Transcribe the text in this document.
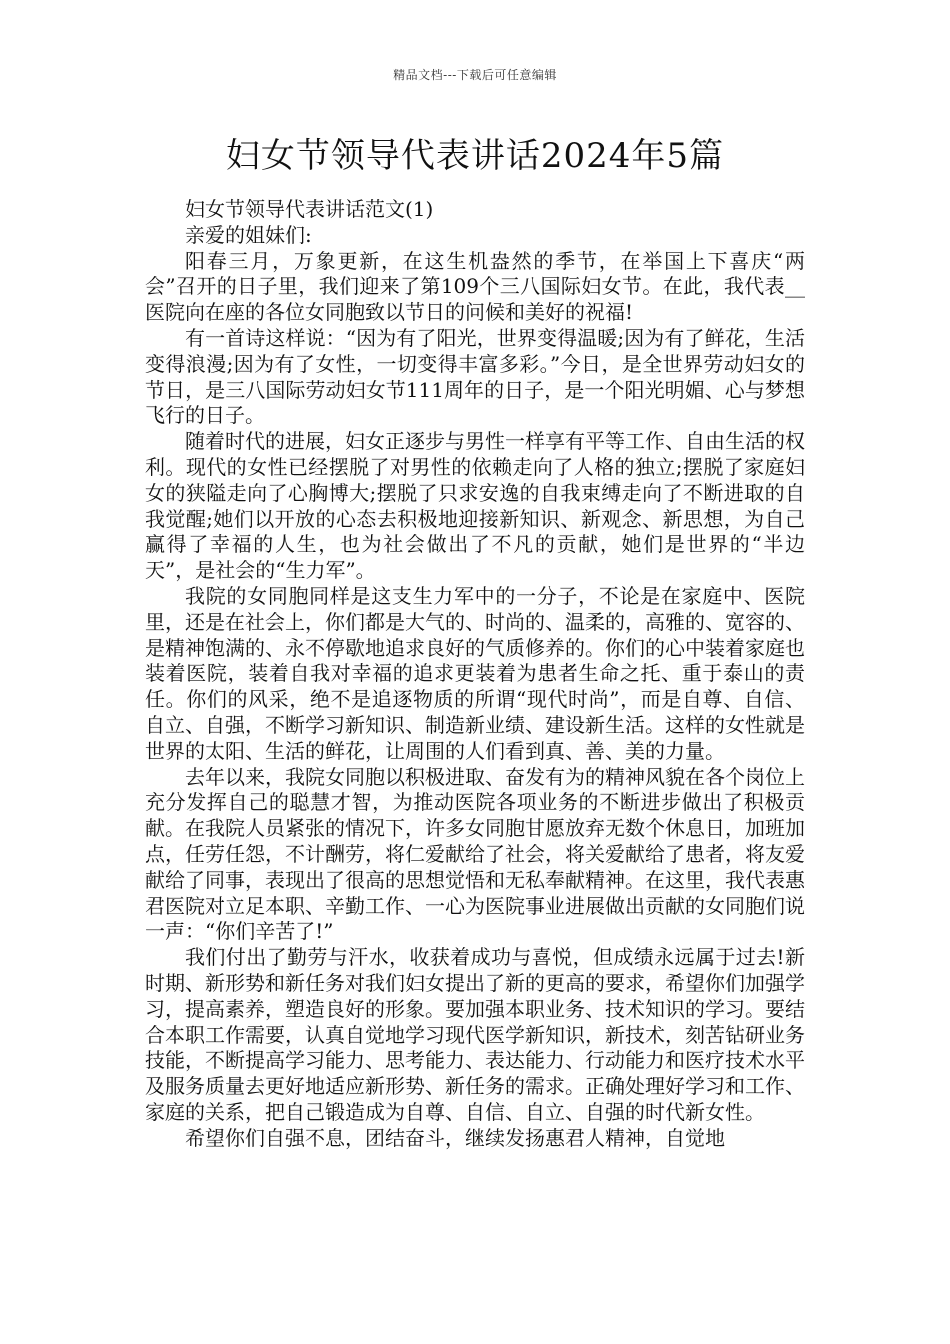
精品文档---下载后可任意编辑
妇女节领导代表讲话2024年5篇

妇女节领导代表讲话范文(1)

亲爱的姐妹们:

阳春三月，万象更新，在这生机盎然的季节，在举国上下喜庆“两会”召开的日子里，我们迎来了第109个三八国际妇女节。在此，我代表__医院向在座的各位女同胞致以节日的问候和美好的祝福!

有一首诗这样说：“因为有了阳光，世界变得温暖;因为有了鲜花，生活变得浪漫;因为有了女性，一切变得丰富多彩。”今日，是全世界劳动妇女的节日，是三八国际劳动妇女节111周年的日子，是一个阳光明媚、心与梦想飞行的日子。

随着时代的进展，妇女正逐步与男性一样享有平等工作、自由生活的权利。现代的女性已经摆脱了对男性的依赖走向了人格的独立;摆脱了家庭妇女的狭隘走向了心胸博大;摆脱了只求安逸的自我束缚走向了不断进取的自我觉醒;她们以开放的心态去积极地迎接新知识、新观念、新思想，为自己赢得了幸福的人生，也为社会做出了不凡的贡献，她们是世界的“半边天”，是社会的“生力军”。

我院的女同胞同样是这支生力军中的一分子，不论是在家庭中、医院里，还是在社会上，你们都是大气的、时尚的、温柔的，高雅的、宽容的、是精神饱满的、永不停歇地追求良好的气质修养的。你们的心中装着家庭也装着医院，装着自我对幸福的追求更装着为患者生命之托、重于泰山的责任。你们的风采，绝不是追逐物质的所谓“现代时尚”，而是自尊、自信、自立、自强，不断学习新知识、制造新业绩、建设新生活。这样的女性就是世界的太阳、生活的鲜花，让周围的人们看到真、善、美的力量。

去年以来，我院女同胞以积极进取、奋发有为的精神风貌在各个岗位上充分发挥自己的聪慧才智，为推动医院各项业务的不断进步做出了积极贡献。在我院人员紧张的情况下，许多女同胞甘愿放弃无数个休息日，加班加点，任劳任怨，不计酬劳，将仁爱献给了社会，将关爱献给了患者，将友爱献给了同事，表现出了很高的思想觉悟和无私奉献精神。在这里，我代表惠君医院对立足本职、辛勤工作、一心为医院事业进展做出贡献的女同胞们说一声：“你们辛苦了!”

我们付出了勤劳与汗水，收获着成功与喜悦，但成绩永远属于过去!新时期、新形势和新任务对我们妇女提出了新的更高的要求，希望你们加强学习，提高素养，塑造良好的形象。要加强本职业务、技术知识的学习。要结合本职工作需要，认真自觉地学习现代医学新知识，新技术，刻苦钻研业务技能，不断提高学习能力、思考能力、表达能力、行动能力和医疗技术水平及服务质量去更好地适应新形势、新任务的需求。正确处理好学习和工作、家庭的关系，把自己锻造成为自尊、自信、自立、自强的时代新女性。

希望你们自强不息，团结奋斗，继续发扬惠君人精神，自觉地
